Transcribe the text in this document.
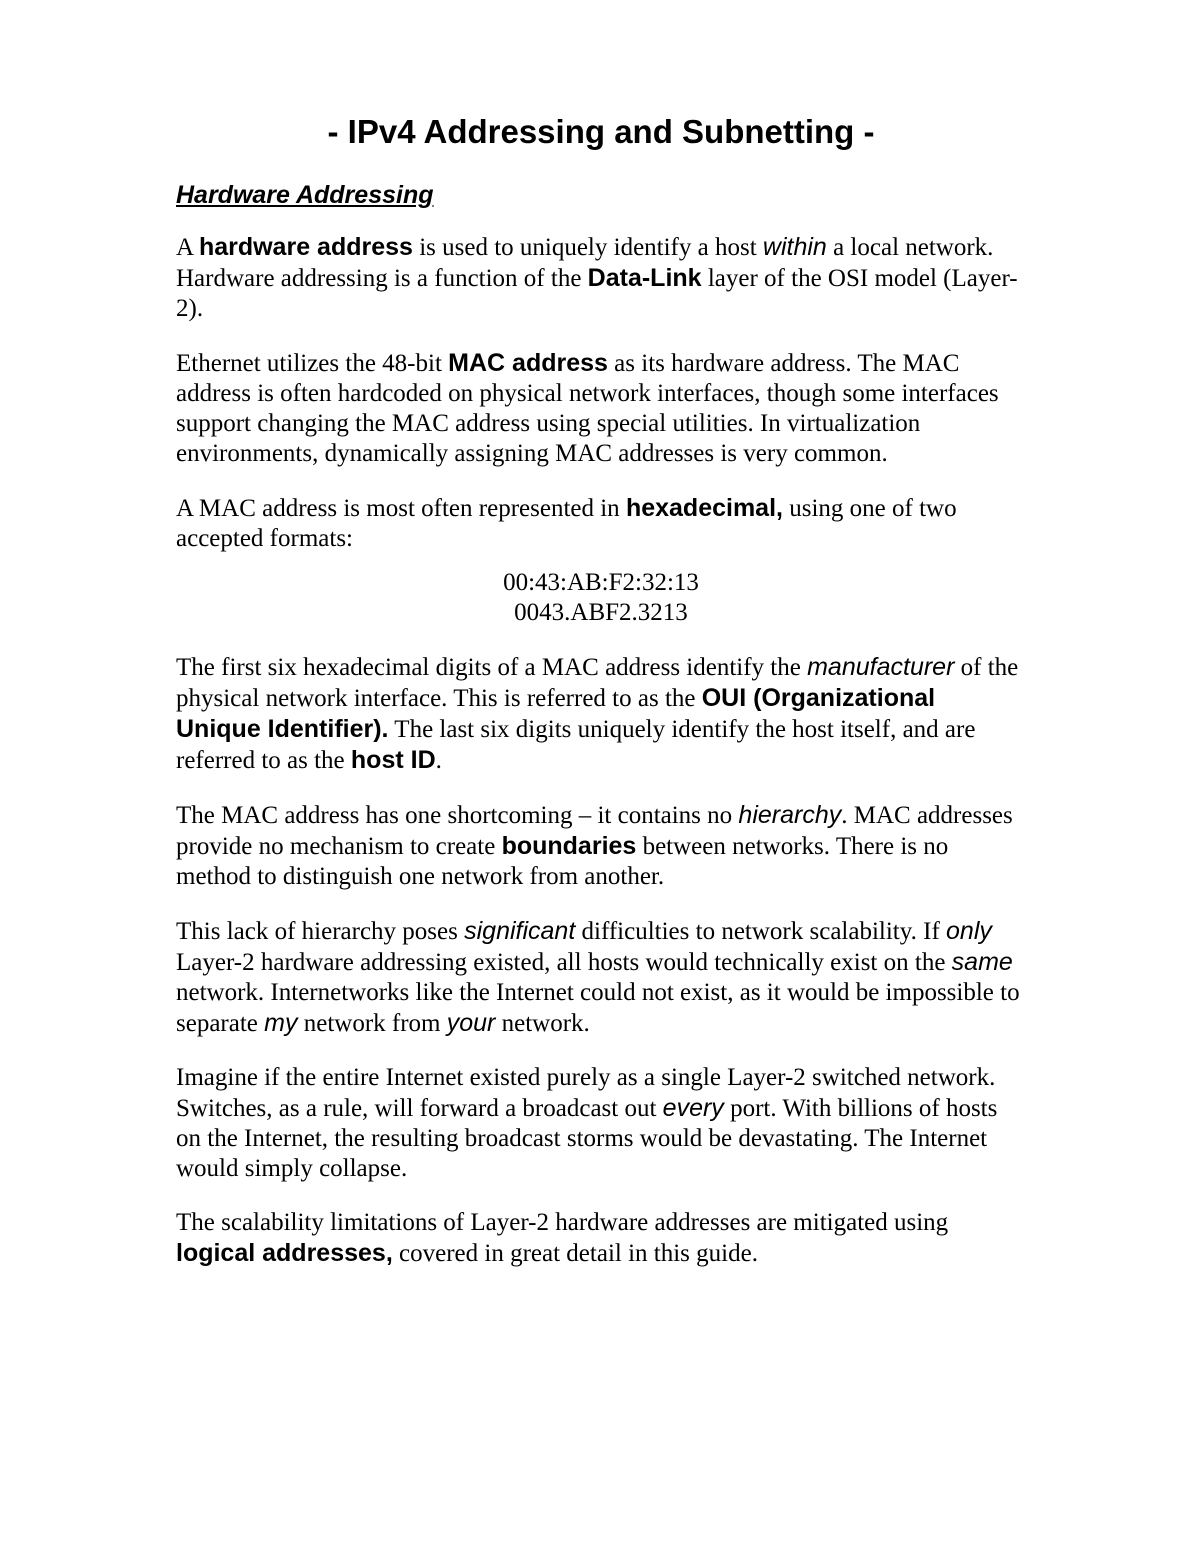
- IPv4 Addressing and Subnetting -
Hardware Addressing

A hardware address is used to uniquely identify a host within a local network. Hardware addressing is a function of the Data-Link layer of the OSI model (Layer-2).

Ethernet utilizes the 48-bit MAC address as its hardware address. The MAC address is often hardcoded on physical network interfaces, though some interfaces support changing the MAC address using special utilities. In virtualization environments, dynamically assigning MAC addresses is very common.

A MAC address is most often represented in hexadecimal, using one of two accepted formats:

00:43:AB:F2:32:13
0043.ABF2.3213

The first six hexadecimal digits of a MAC address identify the manufacturer of the physical network interface. This is referred to as the OUI (Organizational Unique Identifier). The last six digits uniquely identify the host itself, and are referred to as the host ID.

The MAC address has one shortcoming – it contains no hierarchy. MAC addresses provide no mechanism to create boundaries between networks. There is no method to distinguish one network from another.

This lack of hierarchy poses significant difficulties to network scalability. If only Layer-2 hardware addressing existed, all hosts would technically exist on the same network. Internetworks like the Internet could not exist, as it would be impossible to separate my network from your network.

Imagine if the entire Internet existed purely as a single Layer-2 switched network. Switches, as a rule, will forward a broadcast out every port. With billions of hosts on the Internet, the resulting broadcast storms would be devastating. The Internet would simply collapse.

The scalability limitations of Layer-2 hardware addresses are mitigated using logical addresses, covered in great detail in this guide.
